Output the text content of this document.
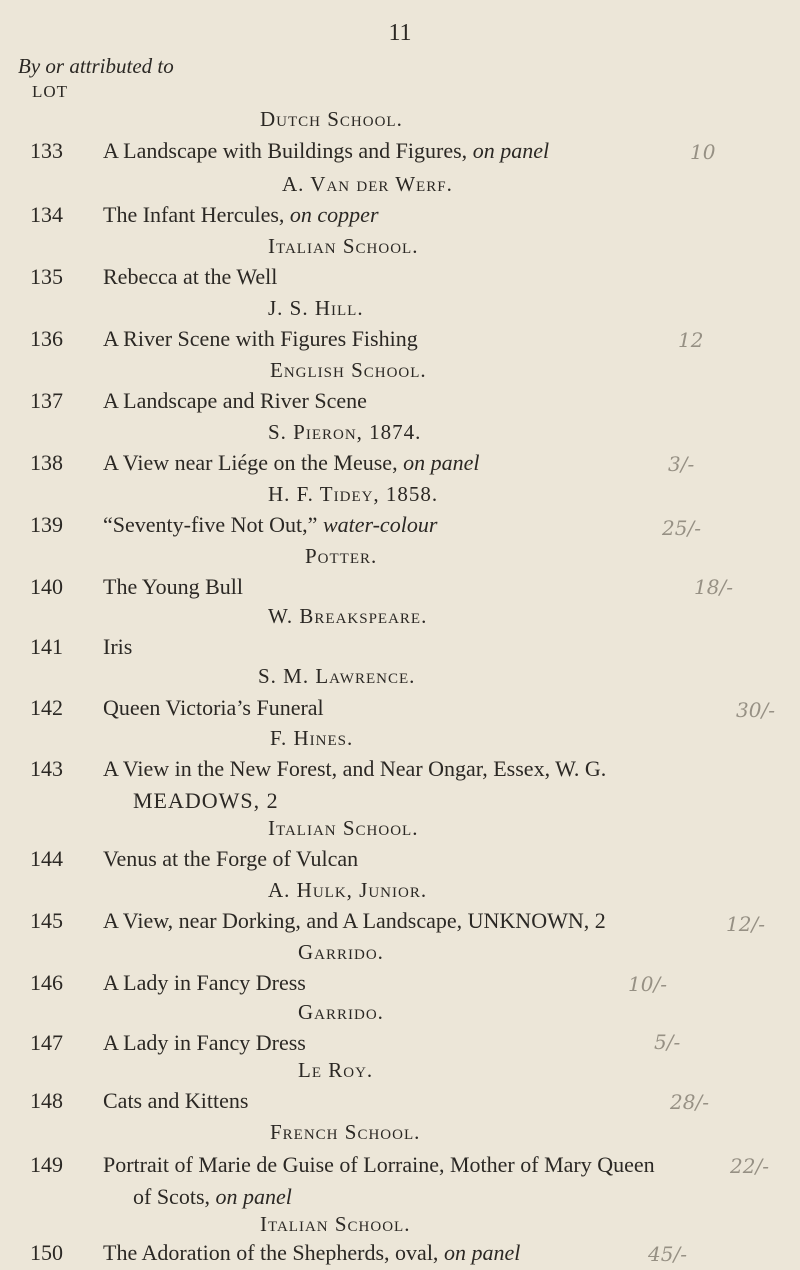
11
By or attributed to
LOT
Dutch School.
133 A Landscape with Buildings and Figures, on panel
A. Van der Werf.
134 The Infant Hercules, on copper
Italian School.
135 Rebecca at the Well
J. S. Hill.
136 A River Scene with Figures Fishing
English School.
137 A Landscape and River Scene
S. Pieron, 1874.
138 A View near Liége on the Meuse, on panel
H. F. Tidey, 1858.
139 “Seventy-five Not Out,” water-colour
Potter.
140 The Young Bull
W. Breakspeare.
141 Iris
S. M. Lawrence.
142 Queen Victoria’s Funeral
F. Hines.
143 A View in the New Forest, and Near Ongar, Essex, W. G.
MEADOWS, 2
Italian School.
144 Venus at the Forge of Vulcan
A. Hulk, Junior.
145 A View, near Dorking, and A Landscape, UNKNOWN, 2
Garrido.
146 A Lady in Fancy Dress
Garrido.
147 A Lady in Fancy Dress
Le Roy.
148 Cats and Kittens
French School.
149 Portrait of Marie de Guise of Lorraine, Mother of Mary Queen
of Scots, on panel
Italian School.
150 The Adoration of the Shepherds, oval, on panel
10
12
3/-
25/-
18/-
30/-
12/-
10/-
5/-
28/-
22/-
45/-
